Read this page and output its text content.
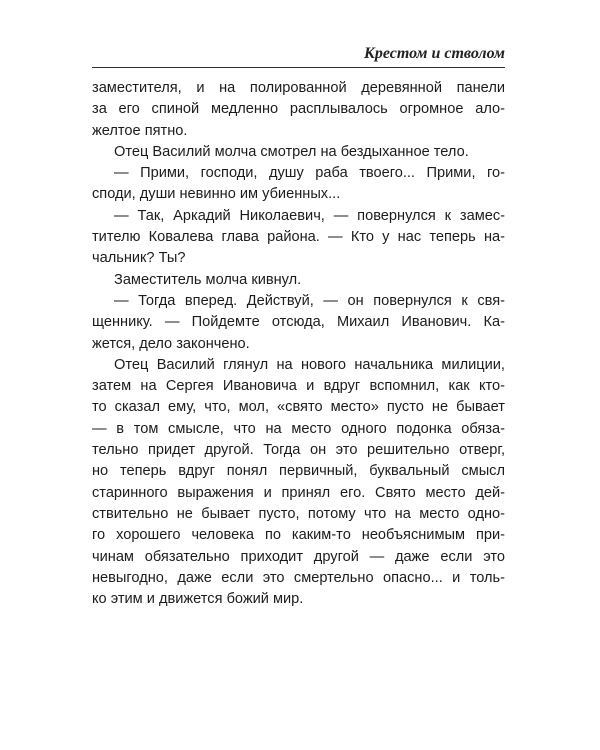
Крестом и стволом
заместителя, и на полированной деревянной панели
за его спиной медленно расплывалось огромное ало-
желтое пятно.
Отец Василий молча смотрел на бездыханное тело.
— Прими, господи, душу раба твоего... Прими, го-
споди, души невинно им убиенных...
— Так, Аркадий Николаевич, — повернулся к замес-
тителю Ковалева глава района. — Кто у нас теперь на-
чальник? Ты?
Заместитель молча кивнул.
— Тогда вперед. Действуй, — он повернулся к свя-
щеннику. — Пойдемте отсюда, Михаил Иванович. Ка-
жется, дело закончено.
Отец Василий глянул на нового начальника милиции,
затем на Сергея Ивановича и вдруг вспомнил, как кто-
то сказал ему, что, мол, «свято место» пусто не бывает
— в том смысле, что на место одного подонка обяза-
тельно придет другой. Тогда он это решительно отверг,
но теперь вдруг понял первичный, буквальный смысл
старинного выражения и принял его. Свято место дей-
ствительно не бывает пусто, потому что на место одно-
го хорошего человека по каким-то необъяснимым при-
чинам обязательно приходит другой — даже если это
невыгодно, даже если это смертельно опасно... и толь-
ко этим и движется божий мир.
